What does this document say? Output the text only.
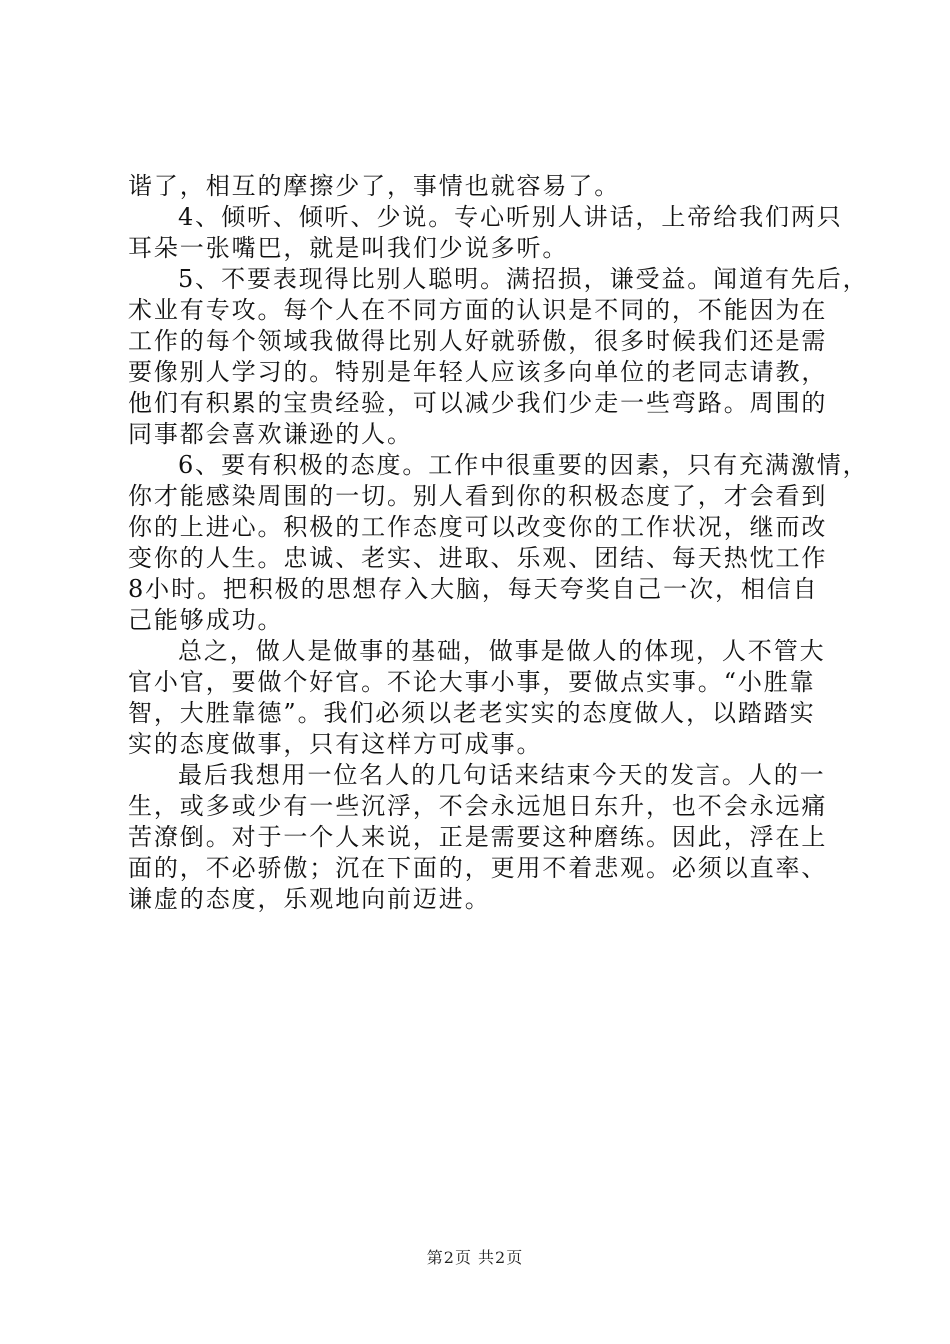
谐了，相互的摩擦少了，事情也就容易了。
4、倾听、倾听、少说。专心听别人讲话，上帝给我们两只
耳朵一张嘴巴，就是叫我们少说多听。
5、不要表现得比别人聪明。满招损，谦受益。闻道有先后，
术业有专攻。每个人在不同方面的认识是不同的，不能因为在
工作的每个领域我做得比别人好就骄傲，很多时候我们还是需
要像别人学习的。特别是年轻人应该多向单位的老同志请教，
他们有积累的宝贵经验，可以减少我们少走一些弯路。周围的
同事都会喜欢谦逊的人。
6、要有积极的态度。工作中很重要的因素，只有充满激情，
你才能感染周围的一切。别人看到你的积极态度了，才会看到
你的上进心。积极的工作态度可以改变你的工作状况，继而改
变你的人生。忠诚、老实、进取、乐观、团结、每天热忱工作
8小时。把积极的思想存入大脑，每天夸奖自己一次，相信自
己能够成功。
总之，做人是做事的基础，做事是做人的体现，人不管大
官小官，要做个好官。不论大事小事，要做点实事。“小胜靠
智，大胜靠德”。我们必须以老老实实的态度做人，以踏踏实
实的态度做事，只有这样方可成事。
最后我想用一位名人的几句话来结束今天的发言。人的一
生，或多或少有一些沉浮，不会永远旭日东升，也不会永远痛
苦潦倒。对于一个人来说，正是需要这种磨练。因此，浮在上
面的，不必骄傲；沉在下面的，更用不着悲观。必须以直率、
谦虚的态度，乐观地向前迈进。
第2页 共2页
